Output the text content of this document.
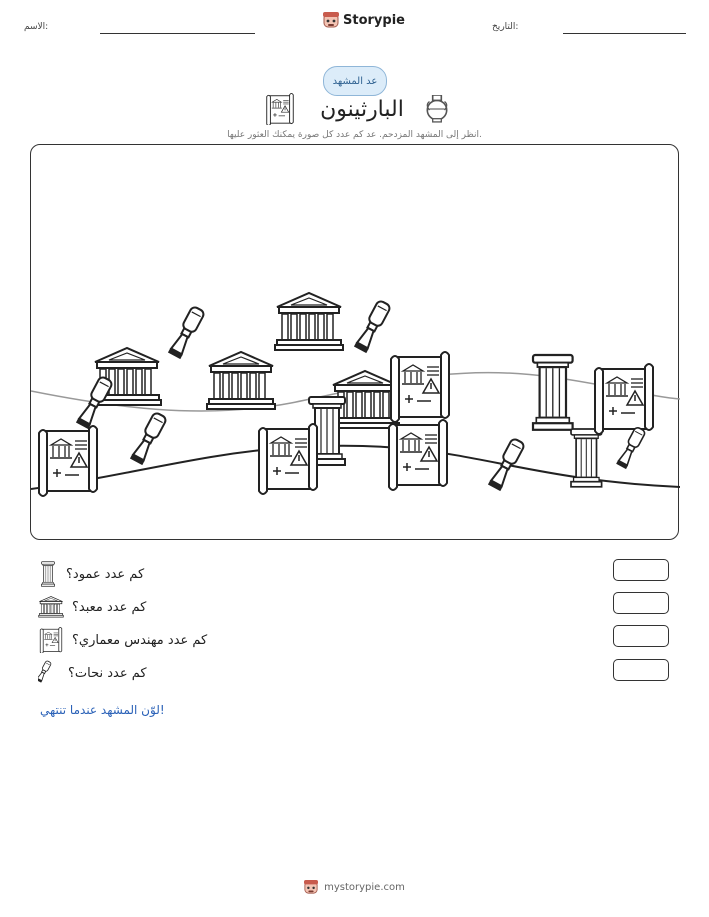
التاريخ:
الاسم:	Storypie
عد المشهد
البارثينون
انظر إلى المشهد المزدحم. عد كم عدد كل صورة يمكنك العثور عليها.
كم عدد عمود؟
كم عدد معبد؟
كم عدد مهندس معماري؟
كم عدد نحات؟
لوّن المشهد عندما تنتهي!
mystorypie.com
